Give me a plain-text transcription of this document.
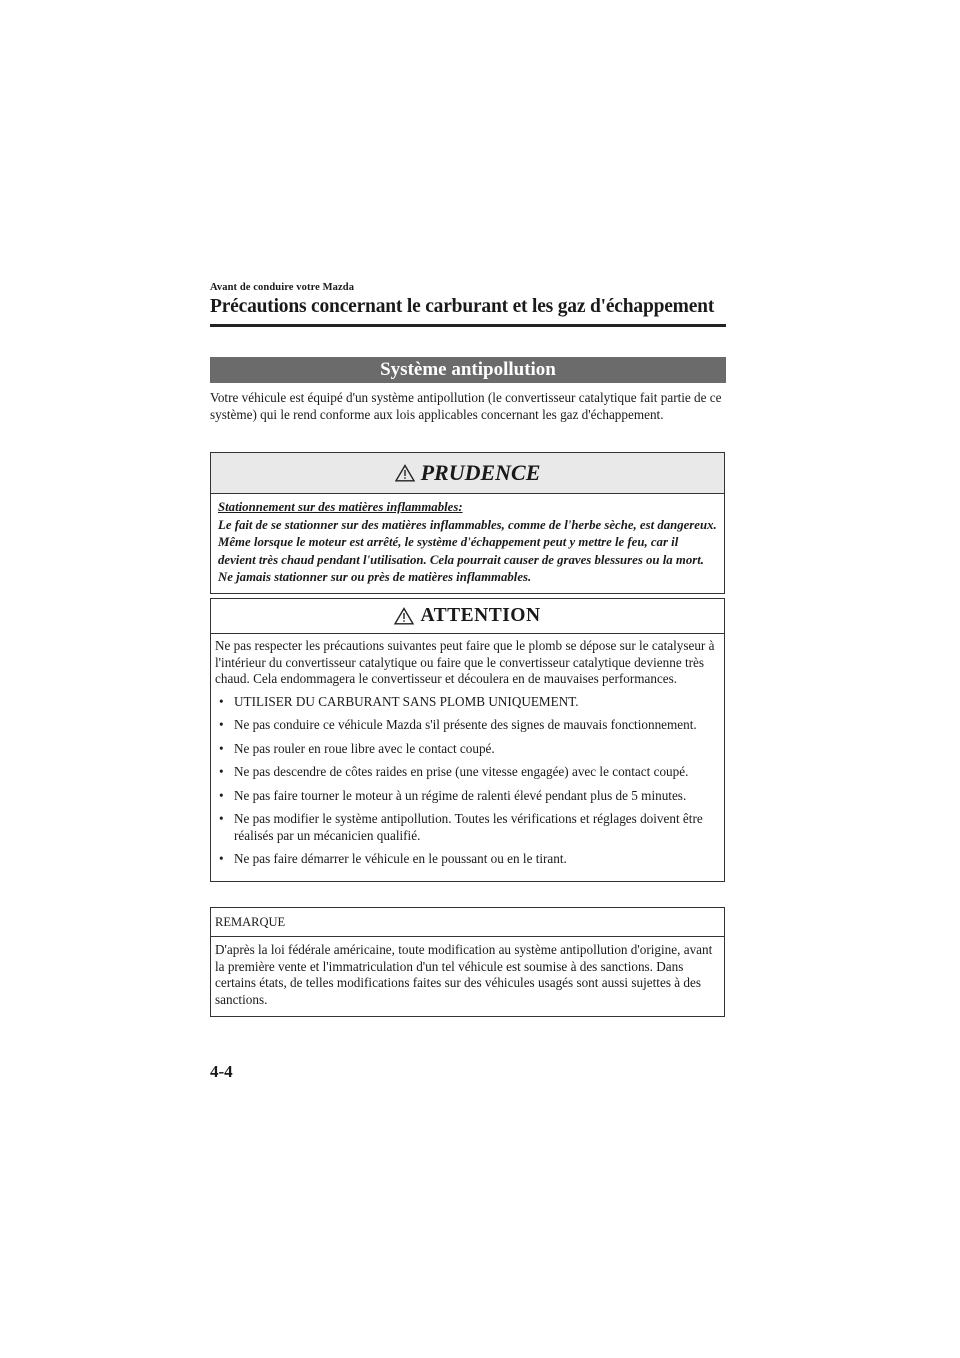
Avant de conduire votre Mazda
Précautions concernant le carburant et les gaz d'échappement
Système antipollution

Votre véhicule est équipé d'un système antipollution (le convertisseur catalytique fait partie de ce système) qui le rend conforme aux lois applicables concernant les gaz d'échappement.

PRUDENCE
Stationnement sur des matières inflammables:
Le fait de se stationner sur des matières inflammables, comme de l'herbe sèche, est dangereux. Même lorsque le moteur est arrêté, le système d'échappement peut y mettre le feu, car il devient très chaud pendant l'utilisation. Cela pourrait causer de graves blessures ou la mort. Ne jamais stationner sur ou près de matières inflammables.
ATTENTION

Ne pas respecter les précautions suivantes peut faire que le plomb se dépose sur le catalyseur à l'intérieur du convertisseur catalytique ou faire que le convertisseur catalytique devienne très chaud. Cela endommagera le convertisseur et découlera en de mauvaises performances.

• UTILISER DU CARBURANT SANS PLOMB UNIQUEMENT.
• Ne pas conduire ce véhicule Mazda s'il présente des signes de mauvais fonctionnement.
• Ne pas rouler en roue libre avec le contact coupé.
• Ne pas descendre de côtes raides en prise (une vitesse engagée) avec le contact coupé.
• Ne pas faire tourner le moteur à un régime de ralenti élevé pendant plus de 5 minutes.
• Ne pas modifier le système antipollution. Toutes les vérifications et réglages doivent être réalisés par un mécanicien qualifié.
• Ne pas faire démarrer le véhicule en le poussant ou en le tirant.
REMARQUE
D'après la loi fédérale américaine, toute modification au système antipollution d'origine, avant la première vente et l'immatriculation d'un tel véhicule est soumise à des sanctions. Dans certains états, de telles modifications faites sur des véhicules usagés sont aussi sujettes à des sanctions.
4-4
